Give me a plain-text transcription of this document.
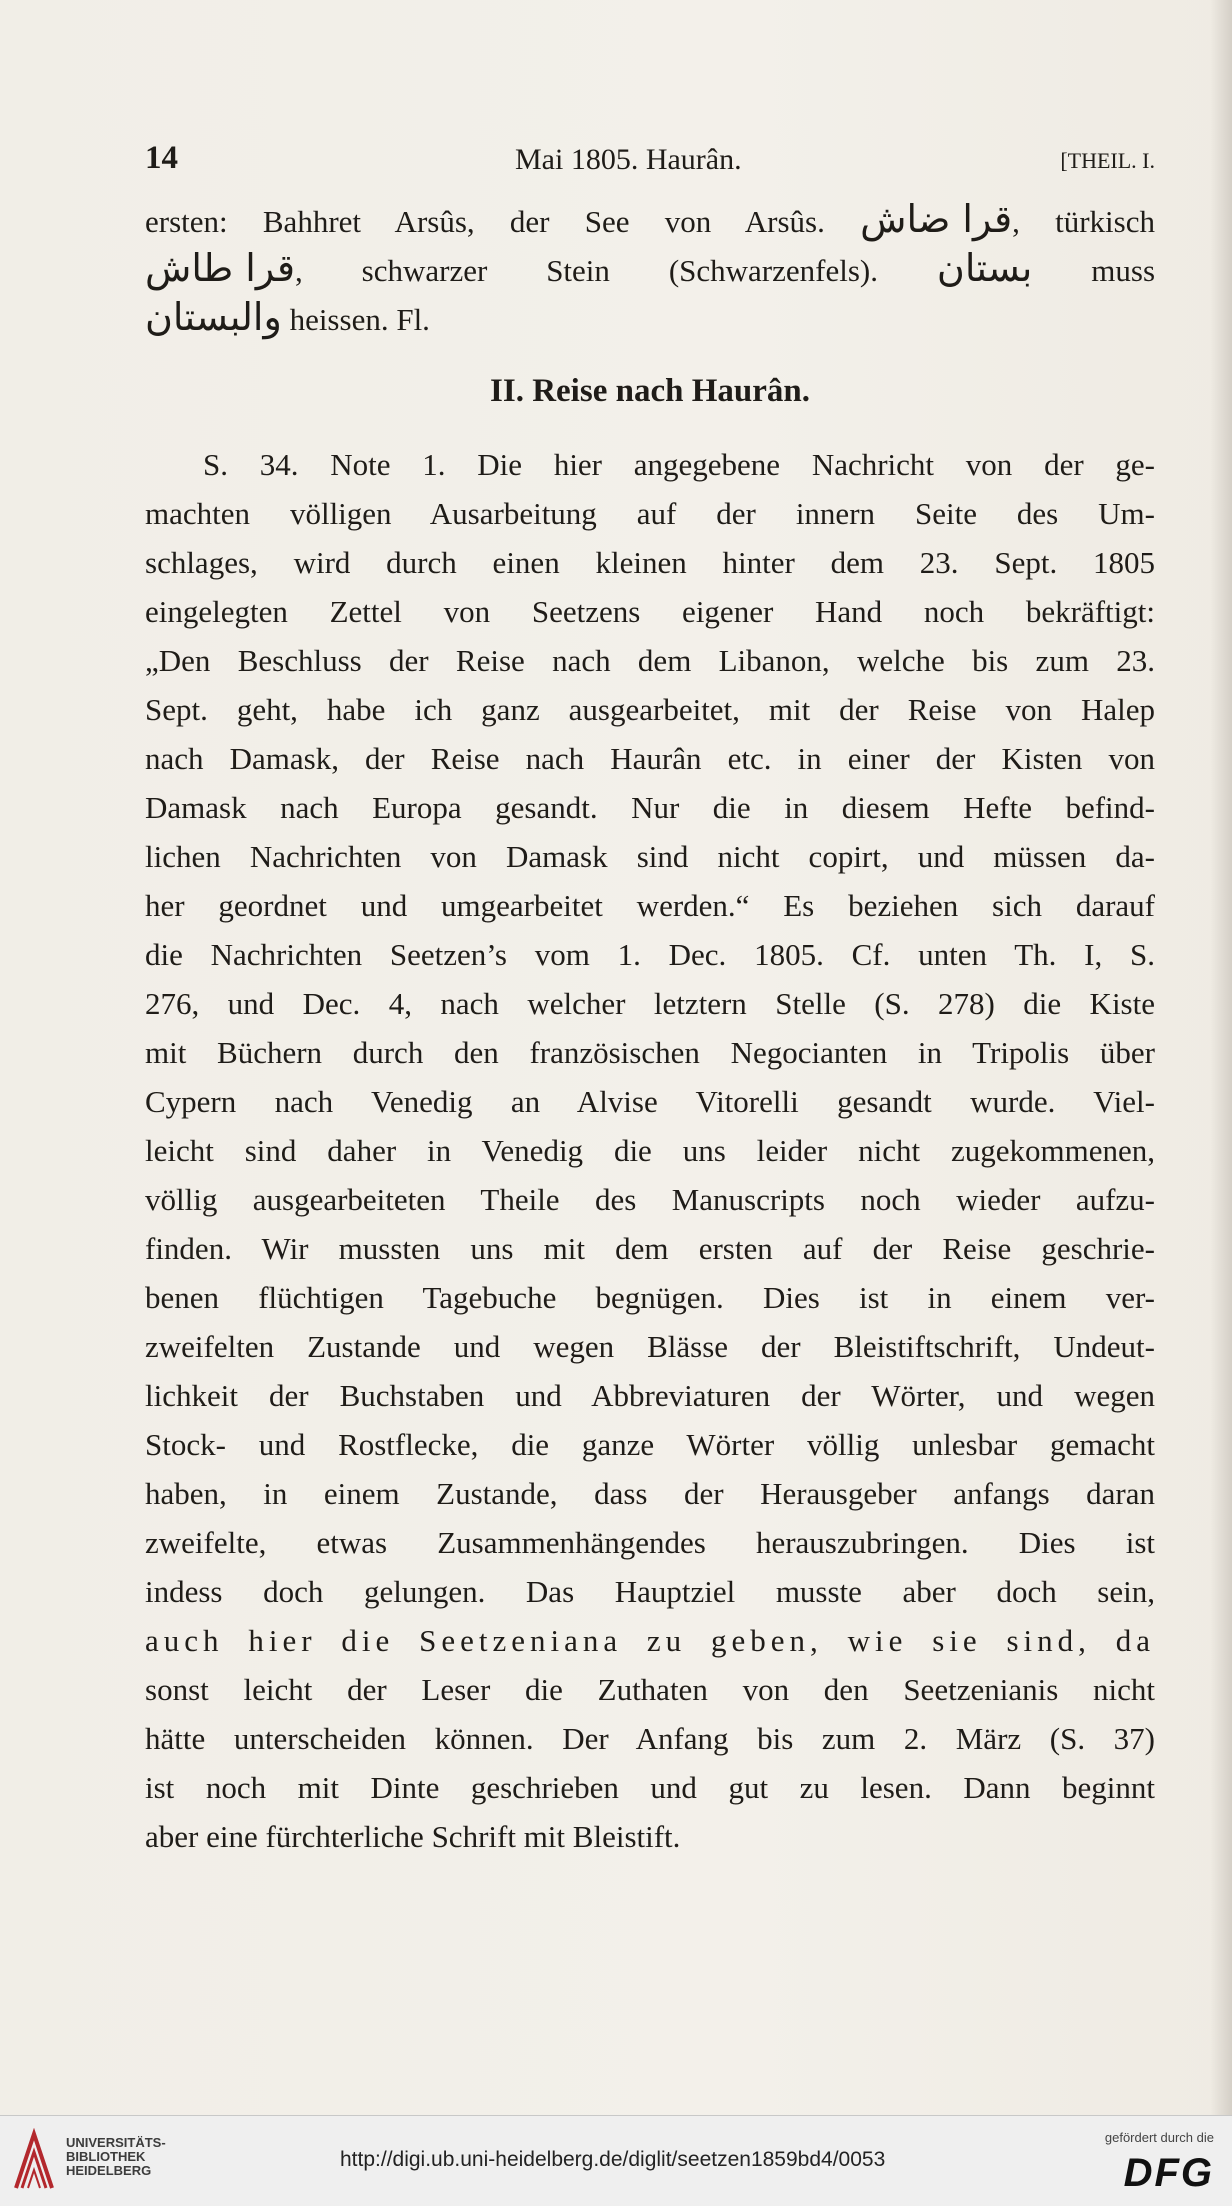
14	Mai 1805. Haurân.	[THEIL. I.
ersten: Bahhret Arsûs, der See von Arsûs. قرا ضاش, türkisch
قرا طاش, schwarzer Stein (Schwarzenfels). بستان muss
والبستان heissen. Fl.
II. Reise nach Haurân.
S. 34. Note 1. Die hier angegebene Nachricht von der ge-
machten völligen Ausarbeitung auf der innern Seite des Um-
schlages, wird durch einen kleinen hinter dem 23. Sept. 1805
eingelegten Zettel von Seetzens eigener Hand noch bekräftigt:
„Den Beschluss der Reise nach dem Libanon, welche bis zum 23.
Sept. geht, habe ich ganz ausgearbeitet, mit der Reise von Halep
nach Damask, der Reise nach Haurân etc. in einer der Kisten von
Damask nach Europa gesandt. Nur die in diesem Hefte befind-
lichen Nachrichten von Damask sind nicht copirt, und müssen da-
her geordnet und umgearbeitet werden.“ Es beziehen sich darauf
die Nachrichten Seetzen’s vom 1. Dec. 1805. Cf. unten Th. I, S.
276, und Dec. 4, nach welcher letztern Stelle (S. 278) die Kiste
mit Büchern durch den französischen Negocianten in Tripolis über
Cypern nach Venedig an Alvise Vitorelli gesandt wurde. Viel-
leicht sind daher in Venedig die uns leider nicht zugekommenen,
völlig ausgearbeiteten Theile des Manuscripts noch wieder aufzu-
finden. Wir mussten uns mit dem ersten auf der Reise geschrie-
benen flüchtigen Tagebuche begnügen. Dies ist in einem ver-
zweifelten Zustande und wegen Blässe der Bleistiftschrift, Undeut-
lichkeit der Buchstaben und Abbreviaturen der Wörter, und wegen
Stock- und Rostflecke, die ganze Wörter völlig unlesbar gemacht
haben, in einem Zustande, dass der Herausgeber anfangs daran
zweifelte, etwas Zusammenhängendes herauszubringen. Dies ist
indess doch gelungen. Das Hauptziel musste aber doch sein,
auch hier die Seetzeniana zu geben, wie sie sind, da
sonst leicht der Leser die Zuthaten von den Seetzenianis nicht
hätte unterscheiden können. Der Anfang bis zum 2. März (S. 37)
ist noch mit Dinte geschrieben und gut zu lesen. Dann beginnt
aber eine fürchterliche Schrift mit Bleistift.
UNIVERSITÄTS-
BIBLIOTHEK
HEIDELBERG	http://digi.ub.uni-heidelberg.de/diglit/seetzen1859bd4/0053
gefördert durch die
DFG
